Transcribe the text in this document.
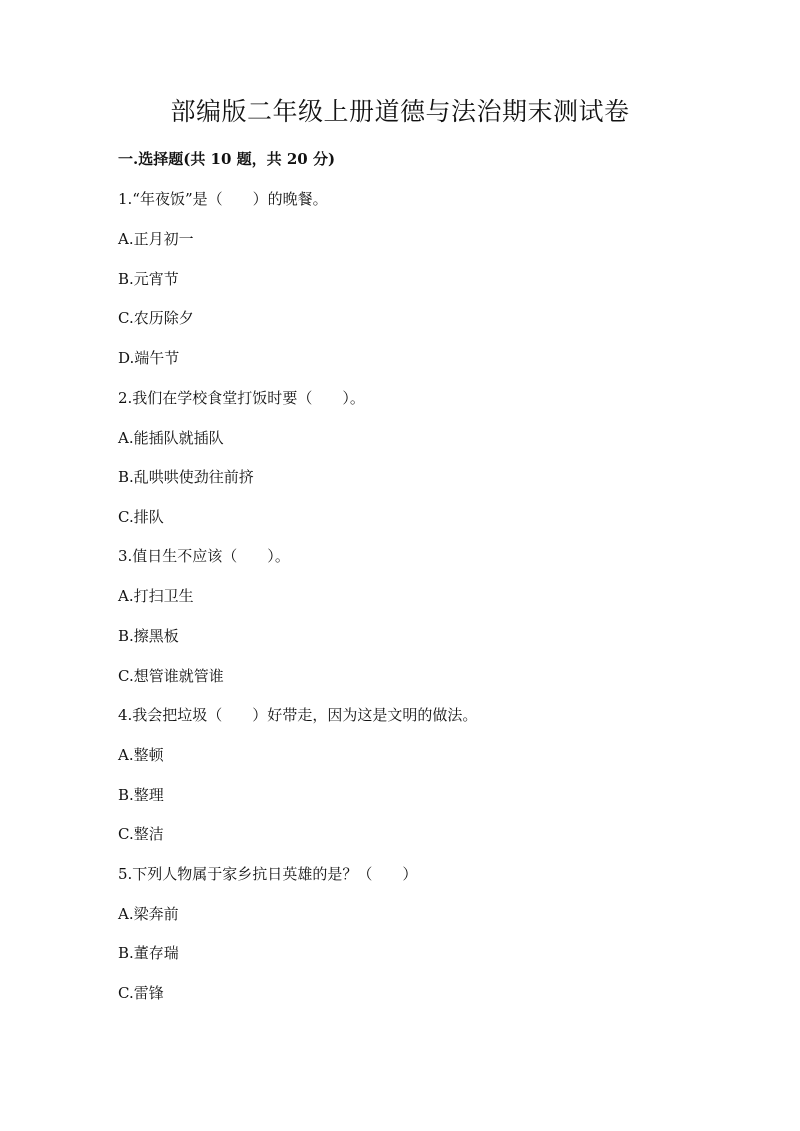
部编版二年级上册道德与法治期末测试卷

一.选择题(共 10 题，共 20 分)

1.“年夜饭”是（　　）的晚餐。

A.正月初一

B.元宵节

C.农历除夕

D.端午节

2.我们在学校食堂打饭时要（　　）。

A.能插队就插队

B.乱哄哄使劲往前挤

C.排队

3.值日生不应该（　　）。

A.打扫卫生

B.擦黑板

C.想管谁就管谁

4.我会把垃圾（　　）好带走，因为这是文明的做法。

A.整顿

B.整理

C.整洁

5.下列人物属于家乡抗日英雄的是？（　　）

A.梁奔前

B.董存瑞

C.雷锋
